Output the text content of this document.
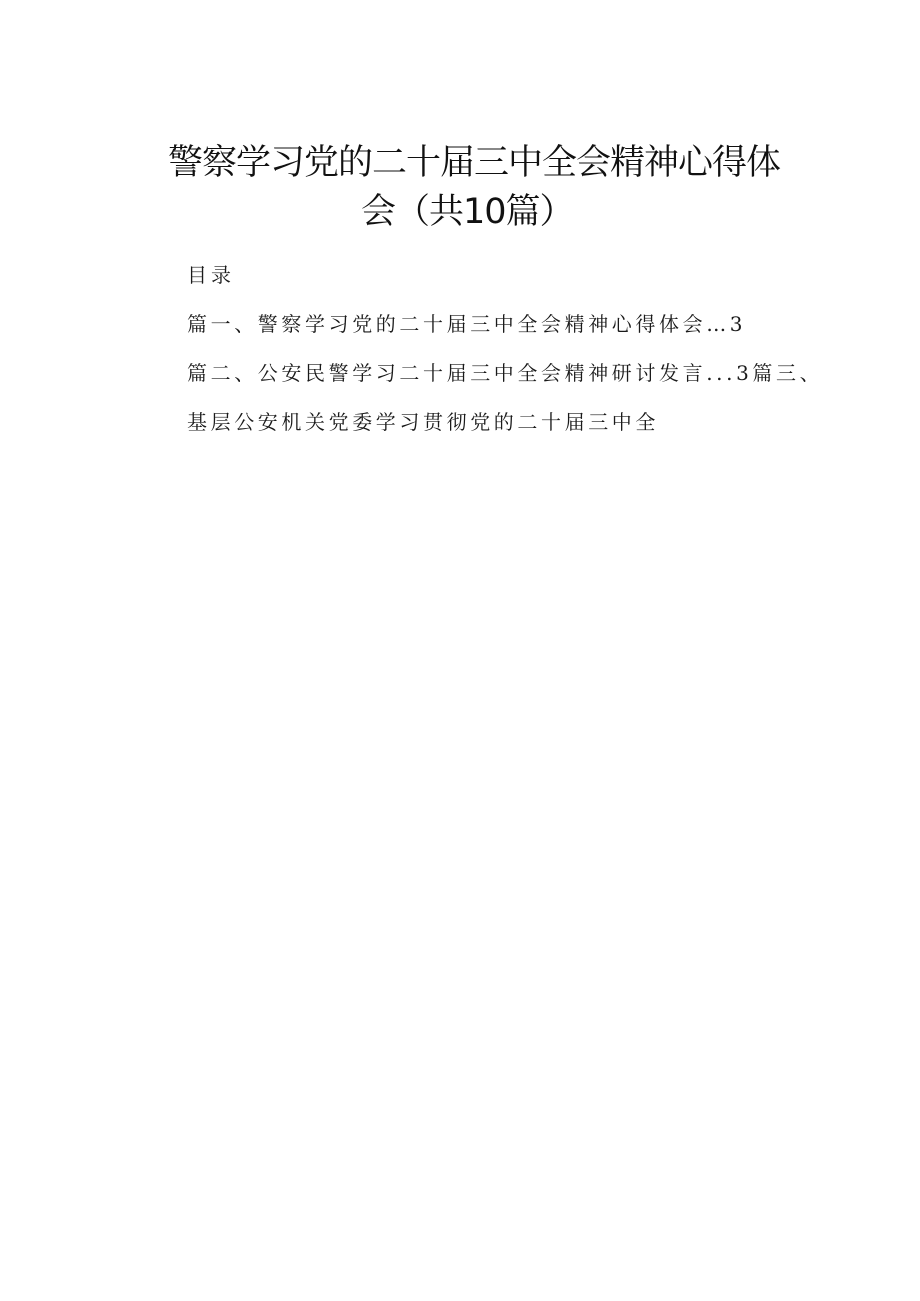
警察学习党的二十届三中全会精神心得体
会（共10篇）
目录
篇一、警察学习党的二十届三中全会精神心得体会…3
篇二、公安民警学习二十届三中全会精神研讨发言...3篇三、
基层公安机关党委学习贯彻党的二十届三中全
